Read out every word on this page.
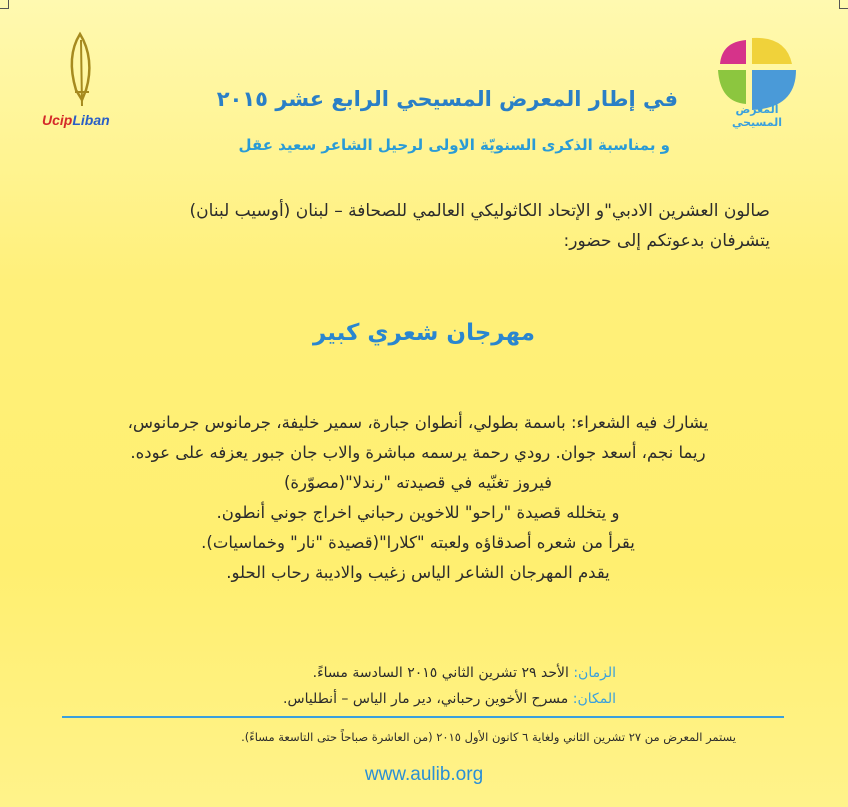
المعرض المسيحي
UcipLiban
في إطار المعرض المسيحي الرابع عشر ٢٠١٥
و بمناسبة الذكرى السنويّة الاولى لرحيل الشاعر سعيد عقل
صالون العشرين الادبي"و الإتحاد الكاثوليكي العالمي للصحافة – لبنان (أوسيب لبنان)
يتشرفان بدعوتكم إلى حضور:
مهرجان شعري كبير
يشارك فيه الشعراء: باسمة بطولي، أنطوان جبارة، سمير خليفة، جرمانوس جرمانوس،
ريما نجم، أسعد جوان. رودي رحمة يرسمه مباشرة والاب جان جبور يعزفه على عوده.
فيروز تغنّيه في قصيدته "رندلا"(مصوّرة)
و يتخلله قصيدة "راحو" للاخوين رحباني اخراج جوني أنطون.
يقرأ من شعره أصدقاؤه ولعبته "كلارا"(قصيدة "نار" وخماسيات).
يقدم المهرجان الشاعر الياس زغيب والاديبة رحاب الحلو.
الزمان: الأحد ٢٩ تشرين الثاني ٢٠١٥ السادسة مساءً.
المكان: مسرح الأخوين رحباني، دير مار الياس – أنطلياس.
يستمر المعرض من ٢٧ تشرين الثاني ولغاية ٦ كانون الأول ٢٠١٥ (من العاشرة صباحاً حتى التاسعة مساءً).
www.aulib.org
